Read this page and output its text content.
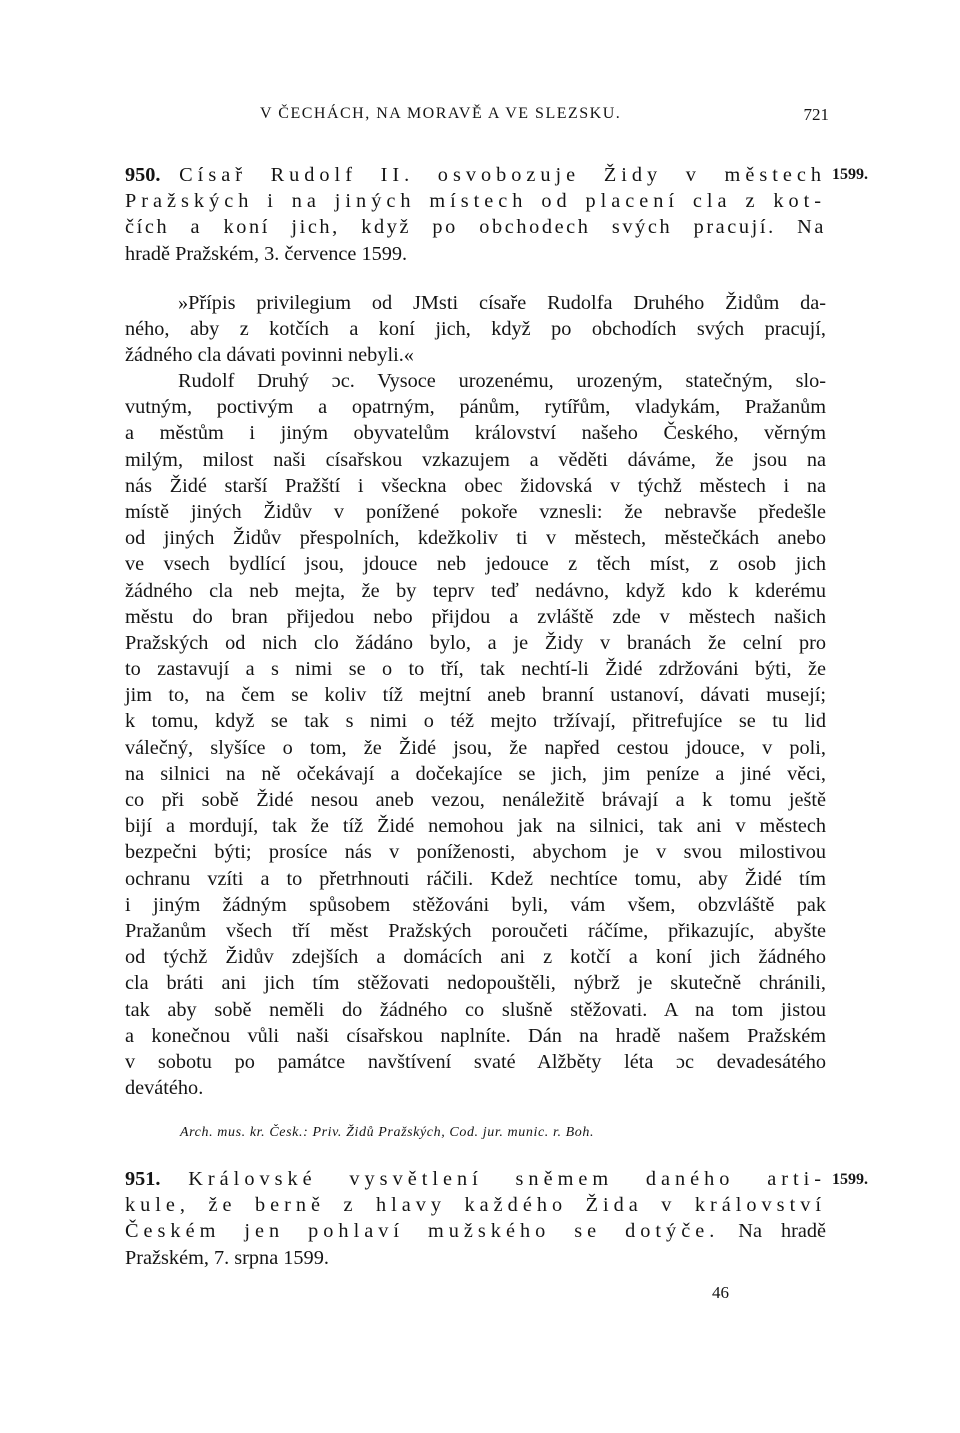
V ČECHÁCH, NA MORAVĚ A VE SLEZSKU.	721
950. Císař Rudolf II. osvobozuje Židy v městech
Pražských i na jiných místech od placení cla z kot-
čích a koní jich, když po obchodech svých pracují. Na
hradě Pražském, 3. července 1599.
1599.
»Přípis privilegium od JMsti císaře Rudolfa Druhého Židům da-
ného, aby z kotčích a koní jich, když po obchodích svých pracují,
žádného cla dávati povinni nebyli.«
Rudolf Druhý ɔc. Vysoce urozenému, urozeným, statečným, slo-
vutným, poctivým a opatrným, pánům, rytířům, vladykám, Pražanům
a městům i jiným obyvatelům království našeho Českého, věrným
milým, milost naši císařskou vzkazujem a věděti dáváme, že jsou na
nás Židé starší Pražští i všeckna obec židovská v týchž městech i na
místě jiných Židův v ponížené pokoře vznesli: že nebravše předešle
od jiných Židův přespolních, kdežkoliv ti v městech, městečkách anebo
ve vsech bydlící jsou, jdouce neb jedouce z těch míst, z osob jich
žádného cla neb mejta, že by teprv teď nedávno, když kdo k kderému
městu do bran přijedou nebo přijdou a zvláště zde v městech našich
Pražských od nich clo žádáno bylo, a je Židy v branách že celní pro
to zastavují a s nimi se o to tří, tak nechtí-li Židé zdržováni býti, že
jim to, na čem se koliv tíž mejtní aneb branní ustanoví, dávati musejí;
k tomu, když se tak s nimi o též mejto tržívají, přitrefujíce se tu lid
válečný, slyšíce o tom, že Židé jsou, že napřed cestou jdouce, v poli,
na silnici na ně očekávají a dočekajíce se jich, jim peníze a jiné věci,
co při sobě Židé nesou aneb vezou, nenáležitě brávají a k tomu ještě
bijí a mordují, tak že tíž Židé nemohou jak na silnici, tak ani v městech
bezpečni býti; prosíce nás v poníženosti, abychom je v svou milostivou
ochranu vzíti a to přetrhnouti ráčili. Kdež nechtíce tomu, aby Židé tím
i jiným žádným spůsobem stěžováni byli, vám všem, obzvláště pak
Pražanům všech tří měst Pražských poroučeti ráčíme, přikazujíc, abyšte
od týchž Židův zdejších a domácích ani z kotčí a koní jich žádného
cla bráti ani jich tím stěžovati nedopouštěli, nýbrž je skutečně chránili,
tak aby sobě neměli do žádného co slušně stěžovati. A na tom jistou
a konečnou vůli naši císařskou naplníte. Dán na hradě našem Pražském
v sobotu po památce navštívení svaté Alžběty léta ɔc devadesátého
devátého.
Arch. mus. kr. Česk.: Priv. Židů Pražských, Cod. jur. munic. r. Boh.
951. Královské vysvětlení sněmem daného arti-
kule, že berně z hlavy každého Žida v království
Českém jen pohlaví mužského se dotýče. Na hradě
Pražském, 7. srpna 1599.
1599.
46
